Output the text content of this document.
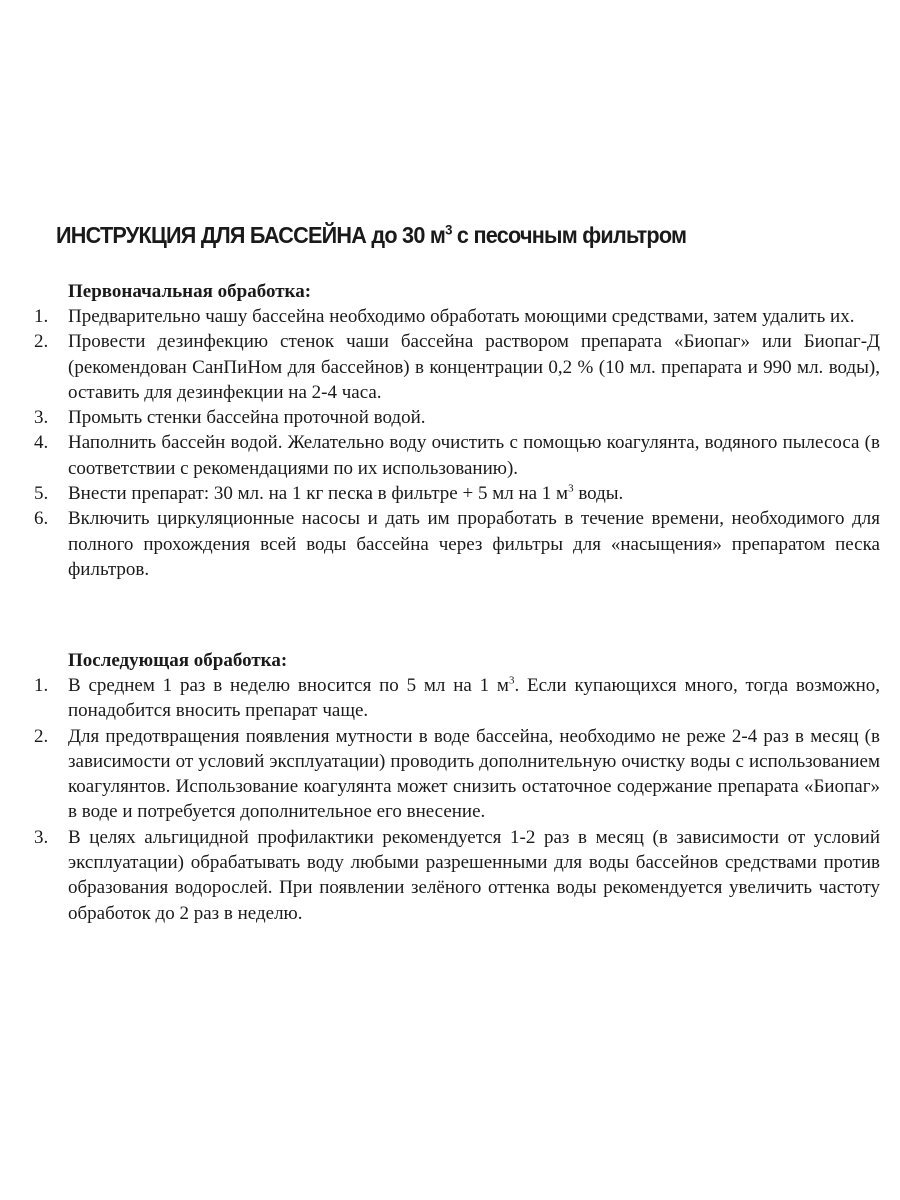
ИНСТРУКЦИЯ ДЛЯ БАССЕЙНА до 30 $м^3$ с песочным фильтром
Первоначальная обработка:
1. Предварительно чашу бассейна необходимо обработать моющими средствами, затем удалить их.
2. Провести дезинфекцию стенок чаши бассейна раствором препарата «Биопаг» или Биопаг-Д (рекомендован СанПиНом для бассейнов) в концентрации 0,2 % (10 мл. препарата и 990 мл. воды), оставить для дезинфекции на 2-4 часа.
3. Промыть стенки бассейна проточной водой.
4. Наполнить бассейн водой. Желательно воду очистить с помощью коагулянта, водяного пылесоса (в соответствии с рекомендациями по их использованию).
5. Внести препарат: 30 мл. на 1 кг песка в фильтре + 5 мл на 1 $м^3$ воды.
6. Включить циркуляционные насосы и дать им проработать в течение времени, необходимого для полного прохождения всей воды бассейна через фильтры для «насыщения» препаратом песка фильтров.
Последующая обработка:
1. В среднем 1 раз в неделю вносится по 5 мл на 1 $м^3$. Если купающихся много, тогда возможно, понадобится вносить препарат чаще.
2. Для предотвращения появления мутности в воде бассейна, необходимо не реже 2-4 раз в месяц (в зависимости от условий эксплуатации) проводить дополнительную очистку воды с использованием коагулянтов. Использование коагулянта может снизить остаточное содержание препарата «Биопаг» в воде и потребуется дополнительное его внесение.
3. В целях альгицидной профилактики рекомендуется 1-2 раз в месяц (в зависимости от условий эксплуатации) обрабатывать воду любыми разрешенными для воды бассейнов средствами против образования водорослей. При появлении зелёного оттенка воды рекомендуется увеличить частоту обработок до 2 раз в неделю.
